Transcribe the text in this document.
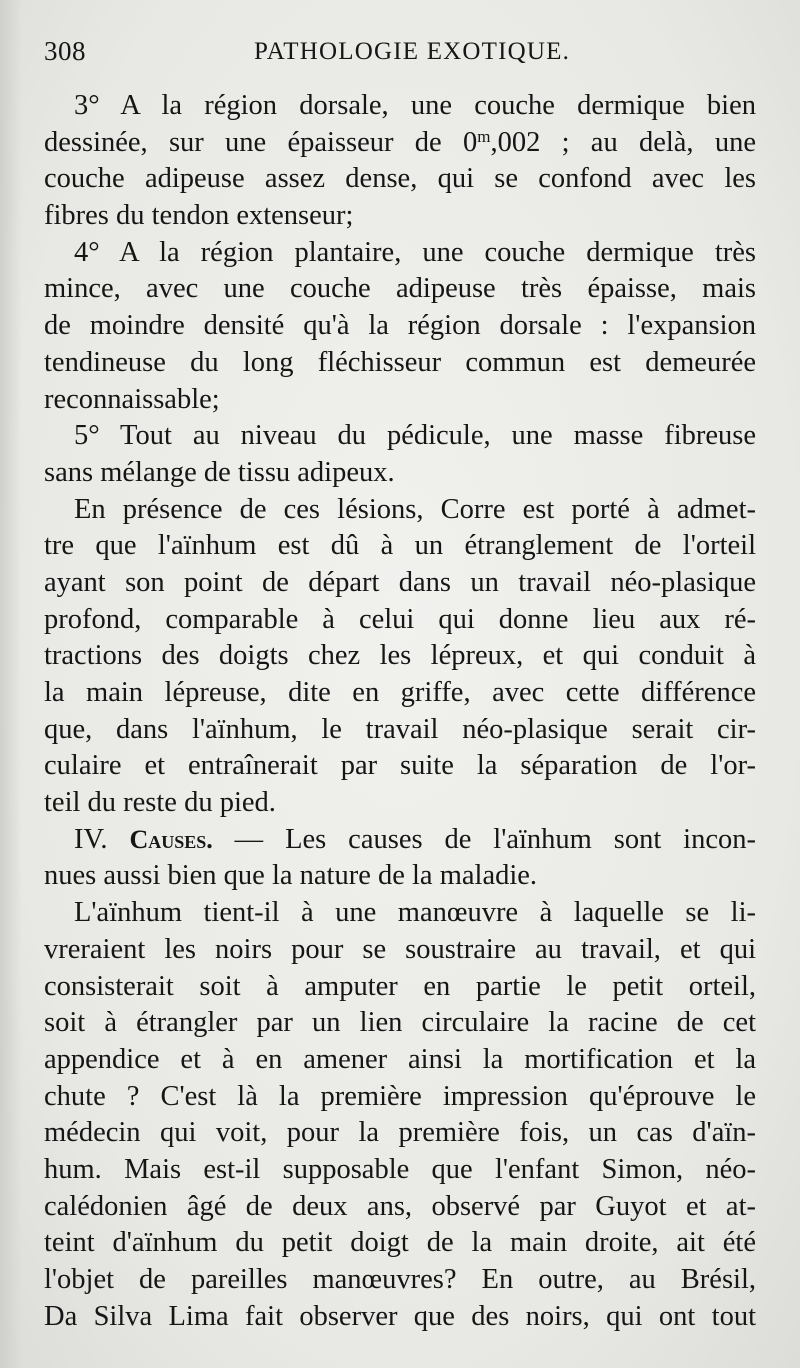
308	PATHOLOGIE EXOTIQUE.
3° A la région dorsale, une couche dermique bien
dessinée, sur une épaisseur de 0$^m$,002 ; au delà, une
couche adipeuse assez dense, qui se confond avec les
fibres du tendon extenseur;
4° A la région plantaire, une couche dermique très
mince, avec une couche adipeuse très épaisse, mais
de moindre densité qu'à la région dorsale : l'expansion
tendineuse du long fléchisseur commun est demeurée
reconnaissable;
5° Tout au niveau du pédicule, une masse fibreuse
sans mélange de tissu adipeux.
En présence de ces lésions, Corre est porté à admet-
tre que l'aïnhum est dû à un étranglement de l'orteil
ayant son point de départ dans un travail néo-plasique
profond, comparable à celui qui donne lieu aux ré-
tractions des doigts chez les lépreux, et qui conduit à
la main lépreuse, dite en griffe, avec cette différence
que, dans l'aïnhum, le travail néo-plasique serait cir-
culaire et entraînerait par suite la séparation de l'or-
teil du reste du pied.
IV. Causes. — Les causes de l'aïnhum sont incon-
nues aussi bien que la nature de la maladie.
L'aïnhum tient-il à une manœuvre à laquelle se li-
vreraient les noirs pour se soustraire au travail, et qui
consisterait soit à amputer en partie le petit orteil,
soit à étrangler par un lien circulaire la racine de cet
appendice et à en amener ainsi la mortification et la
chute ? C'est là la première impression qu'éprouve le
médecin qui voit, pour la première fois, un cas d'aïn-
hum. Mais est-il supposable que l'enfant Simon, néo-
calédonien âgé de deux ans, observé par Guyot et at-
teint d'aïnhum du petit doigt de la main droite, ait été
l'objet de pareilles manœuvres? En outre, au Brésil,
Da Silva Lima fait observer que des noirs, qui ont tout
